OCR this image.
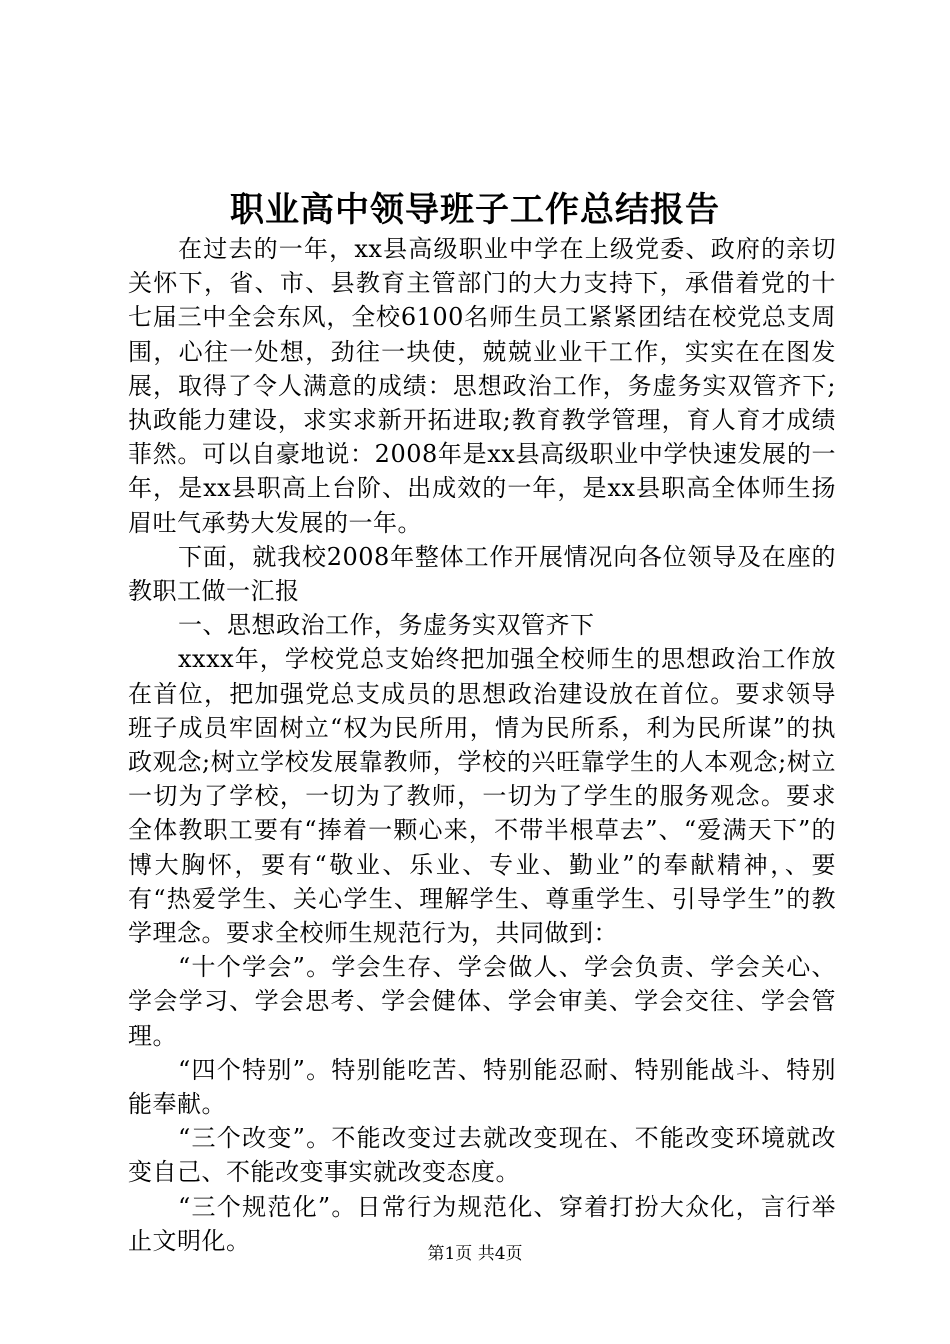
职业高中领导班子工作总结报告

在过去的一年，xx县高级职业中学在上级党委、政府的亲切关怀下，省、市、县教育主管部门的大力支持下，承借着党的十七届三中全会东风，全校6100名师生员工紧紧团结在校党总支周围，心往一处想，劲往一块使，兢兢业业干工作，实实在在图发展，取得了令人满意的成绩：思想政治工作，务虚务实双管齐下;执政能力建设，求实求新开拓进取;教育教学管理，育人育才成绩菲然。可以自豪地说：2008年是xx县高级职业中学快速发展的一年，是xx县职高上台阶、出成效的一年，是xx县职高全体师生扬眉吐气承势大发展的一年。

下面，就我校2008年整体工作开展情况向各位领导及在座的教职工做一汇报

一、思想政治工作，务虚务实双管齐下

xxxx年，学校党总支始终把加强全校师生的思想政治工作放在首位，把加强党总支成员的思想政治建设放在首位。要求领导班子成员牢固树立“权为民所用，情为民所系，利为民所谋”的执政观念;树立学校发展靠教师，学校的兴旺靠学生的人本观念;树立一切为了学校，一切为了教师，一切为了学生的服务观念。要求全体教职工要有“捧着一颗心来，不带半根草去”、“爱满天下”的博大胸怀，要有“敬业、乐业、专业、勤业”的奉献精神，、要有“热爱学生、关心学生、理解学生、尊重学生、引导学生”的教学理念。要求全校师生规范行为，共同做到：

“十个学会”。学会生存、学会做人、学会负责、学会关心、学会学习、学会思考、学会健体、学会审美、学会交往、学会管理。

“四个特别”。特别能吃苦、特别能忍耐、特别能战斗、特别能奉献。

“三个改变”。不能改变过去就改变现在、不能改变环境就改变自己、不能改变事实就改变态度。

“三个规范化”。日常行为规范化、穿着打扮大众化，言行举止文明化。	第1页 共4页
